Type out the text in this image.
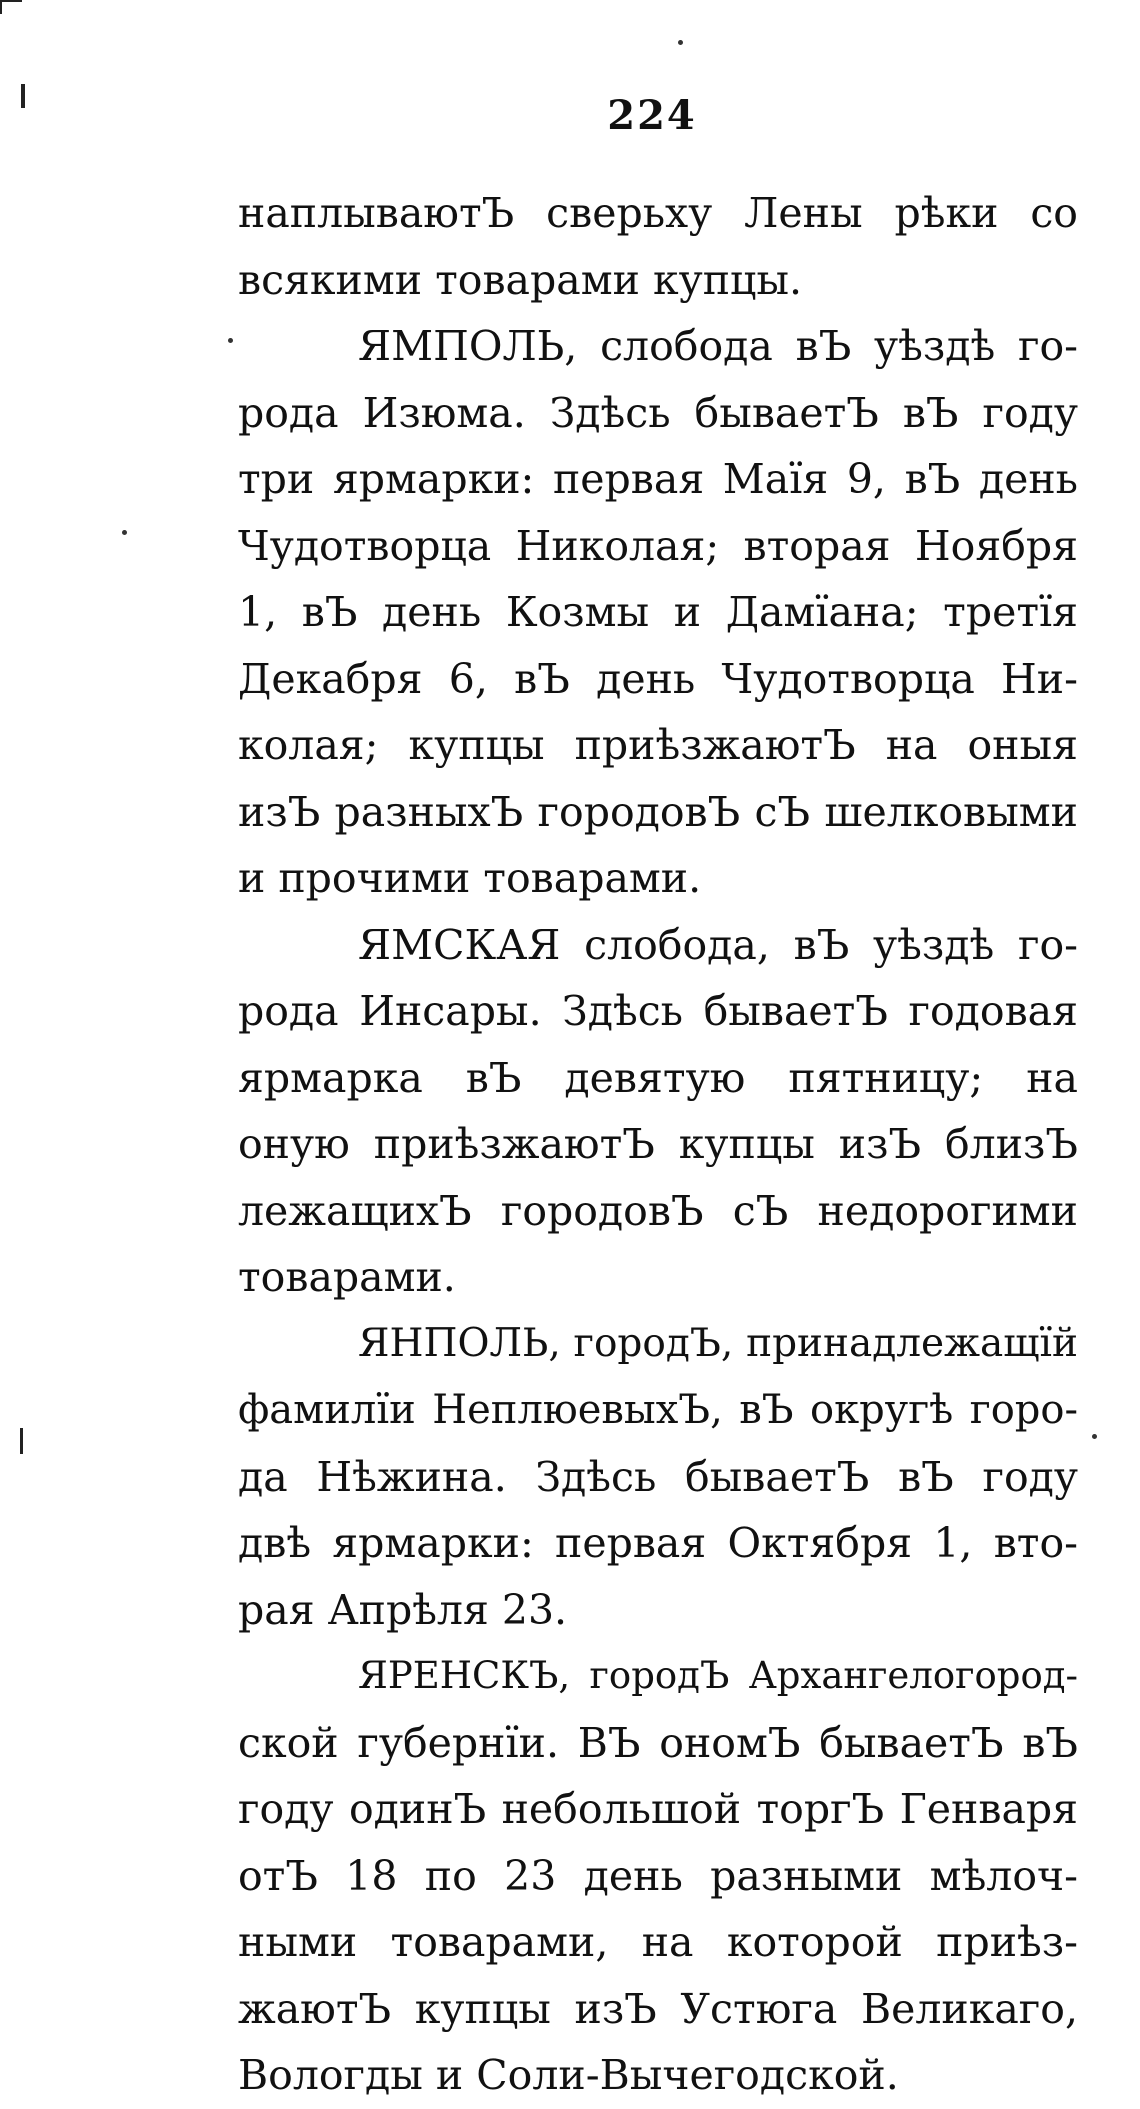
224
наплываютЪ сверьху Лены рѣки со
всякими товарами купцы.
ЯМПОЛЬ, слобода вЪ уѣздѣ го-
рода Изюма. Здѣсь бываетЪ вЪ году
три ярмарки: первая Маїя 9, вЪ день
Чудотворца Николая; вторая Ноября
1, вЪ день Козмы и Дамїана; третїя
Декабря 6, вЪ день Чудотворца Ни-
колая; купцы приѣзжаютЪ на оныя
изЪ разныхЪ городовЪ сЪ шелковыми
и прочими товарами.
ЯМСКАЯ слобода, вЪ уѣздѣ го-
рода Инсары. Здѣсь бываетЪ годовая
ярмарка вЪ девятую пятницу; на
оную приѣзжаютЪ купцы изЪ близЪ
лежащихЪ городовЪ сЪ недорогими
товарами.
ЯНПОЛЬ, городЪ, принадлежащїй
фамилїи НеплюевыхЪ, вЪ округѣ горо-
да Нѣжина. Здѣсь бываетЪ вЪ году
двѣ ярмарки: первая Октября 1, вто-
рая Апрѣля 23.
ЯРЕНСКЪ, городЪ Архангелогород-
ской губернїи. ВЪ ономЪ бываетЪ вЪ
году одинЪ небольшой торгЪ Генваря
отЪ 18 по 23 день разными мѣлоч-
ными товарами, на которой приѣз-
жаютЪ купцы изЪ Устюга Великаго,
Вологды и Соли-Вычегодской.
